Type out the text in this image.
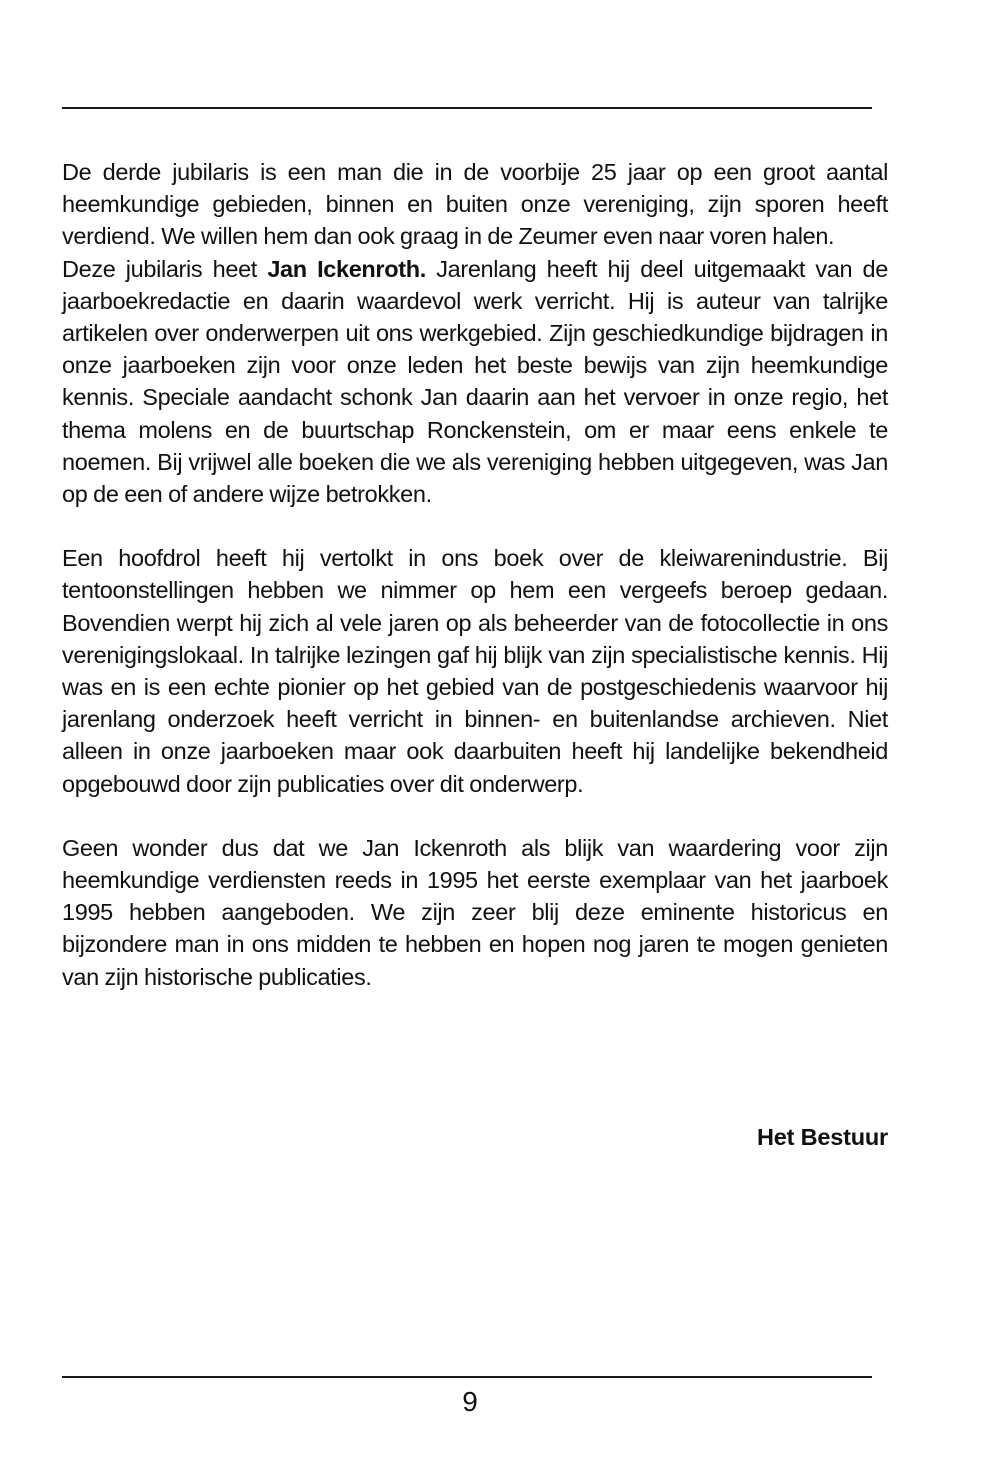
De derde jubilaris is een man die in de voorbije 25 jaar op een groot aantal heemkundige gebieden, binnen en buiten onze vereniging, zijn sporen heeft verdiend. We willen hem dan ook graag in de Zeumer even naar voren halen.
Deze jubilaris heet Jan Ickenroth. Jarenlang heeft hij deel uitgemaakt van de jaarboekredactie en daarin waardevol werk verricht. Hij is auteur van talrijke artikelen over onderwerpen uit ons werkgebied. Zijn geschiedkundige bijdragen in onze jaarboeken zijn voor onze leden het beste bewijs van zijn heemkundige kennis. Speciale aandacht schonk Jan daarin aan het vervoer in onze regio, het thema molens en de buurtschap Ronckenstein, om er maar eens enkele te noemen. Bij vrijwel alle boeken die we als vereniging hebben uitgegeven, was Jan op de een of andere wijze betrokken.

Een hoofdrol heeft hij vertolkt in ons boek over de kleiwarenindustrie. Bij tentoonstellingen hebben we nimmer op hem een vergeefs beroep gedaan. Bovendien werpt hij zich al vele jaren op als beheerder van de fotocollectie in ons verenigingslokaal. In talrijke lezingen gaf hij blijk van zijn specialistische kennis. Hij was en is een echte pionier op het gebied van de postgeschiedenis waarvoor hij jarenlang onderzoek heeft verricht in binnen- en buitenlandse archieven. Niet alleen in onze jaarboeken maar ook daarbuiten heeft hij landelijke bekendheid opgebouwd door zijn publicaties over dit onderwerp.

Geen wonder dus dat we Jan Ickenroth als blijk van waardering voor zijn heemkundige verdiensten reeds in 1995 het eerste exemplaar van het jaarboek 1995 hebben aangeboden. We zijn zeer blij deze eminente historicus en bijzondere man in ons midden te hebben en hopen nog jaren te mogen genieten van zijn historische publicaties.

Het Bestuur
9
